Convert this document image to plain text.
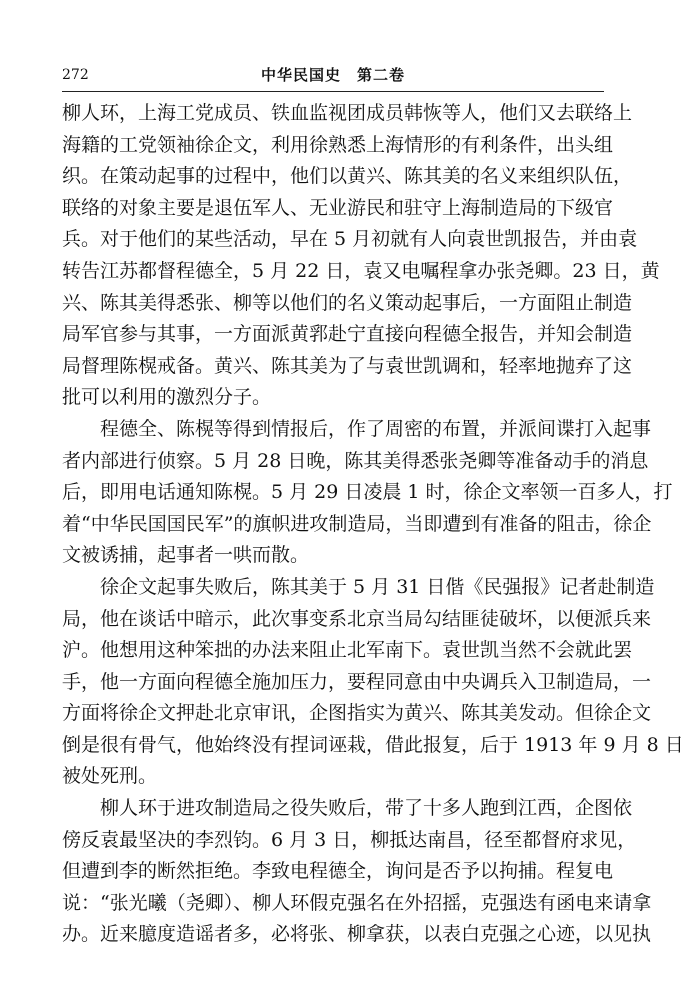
272	中华民国史　第二卷
柳人环，上海工党成员、铁血监视团成员韩恢等人，他们又去联络上
海籍的工党领袖徐企文，利用徐熟悉上海情形的有利条件，出头组
织。在策动起事的过程中，他们以黄兴、陈其美的名义来组织队伍，
联络的对象主要是退伍军人、无业游民和驻守上海制造局的下级官
兵。对于他们的某些活动，早在 5 月初就有人向袁世凯报告，并由袁
转告江苏都督程德全，5 月 22 日，袁又电嘱程拿办张尧卿。23 日，黄
兴、陈其美得悉张、柳等以他们的名义策动起事后，一方面阻止制造
局军官参与其事，一方面派黄郛赴宁直接向程德全报告，并知会制造
局督理陈榥戒备。黄兴、陈其美为了与袁世凯调和，轻率地抛弃了这
批可以利用的激烈分子。
程德全、陈榥等得到情报后，作了周密的布置，并派间谍打入起事
者内部进行侦察。5 月 28 日晚，陈其美得悉张尧卿等准备动手的消息
后，即用电话通知陈榥。5 月 29 日凌晨 1 时，徐企文率领一百多人，打
着“中华民国国民军”的旗帜进攻制造局，当即遭到有准备的阻击，徐企
文被诱捕，起事者一哄而散。
徐企文起事失败后，陈其美于 5 月 31 日偕《民强报》记者赴制造
局，他在谈话中暗示，此次事变系北京当局勾结匪徒破坏，以便派兵来
沪。他想用这种笨拙的办法来阻止北军南下。袁世凯当然不会就此罢
手，他一方面向程德全施加压力，要程同意由中央调兵入卫制造局，一
方面将徐企文押赴北京审讯，企图指实为黄兴、陈其美发动。但徐企文
倒是很有骨气，他始终没有捏词诬栽，借此报复，后于 1913 年 9 月 8 日
被处死刑。
柳人环于进攻制造局之役失败后，带了十多人跑到江西，企图依
傍反袁最坚决的李烈钧。6 月 3 日，柳抵达南昌，径至都督府求见，
但遭到李的断然拒绝。李致电程德全，询问是否予以拘捕。程复电
说：“张光曦（尧卿）、柳人环假克强名在外招摇，克强迭有函电来请拿
办。近来臆度造谣者多，必将张、柳拿获，以表白克强之心迹，以见执
